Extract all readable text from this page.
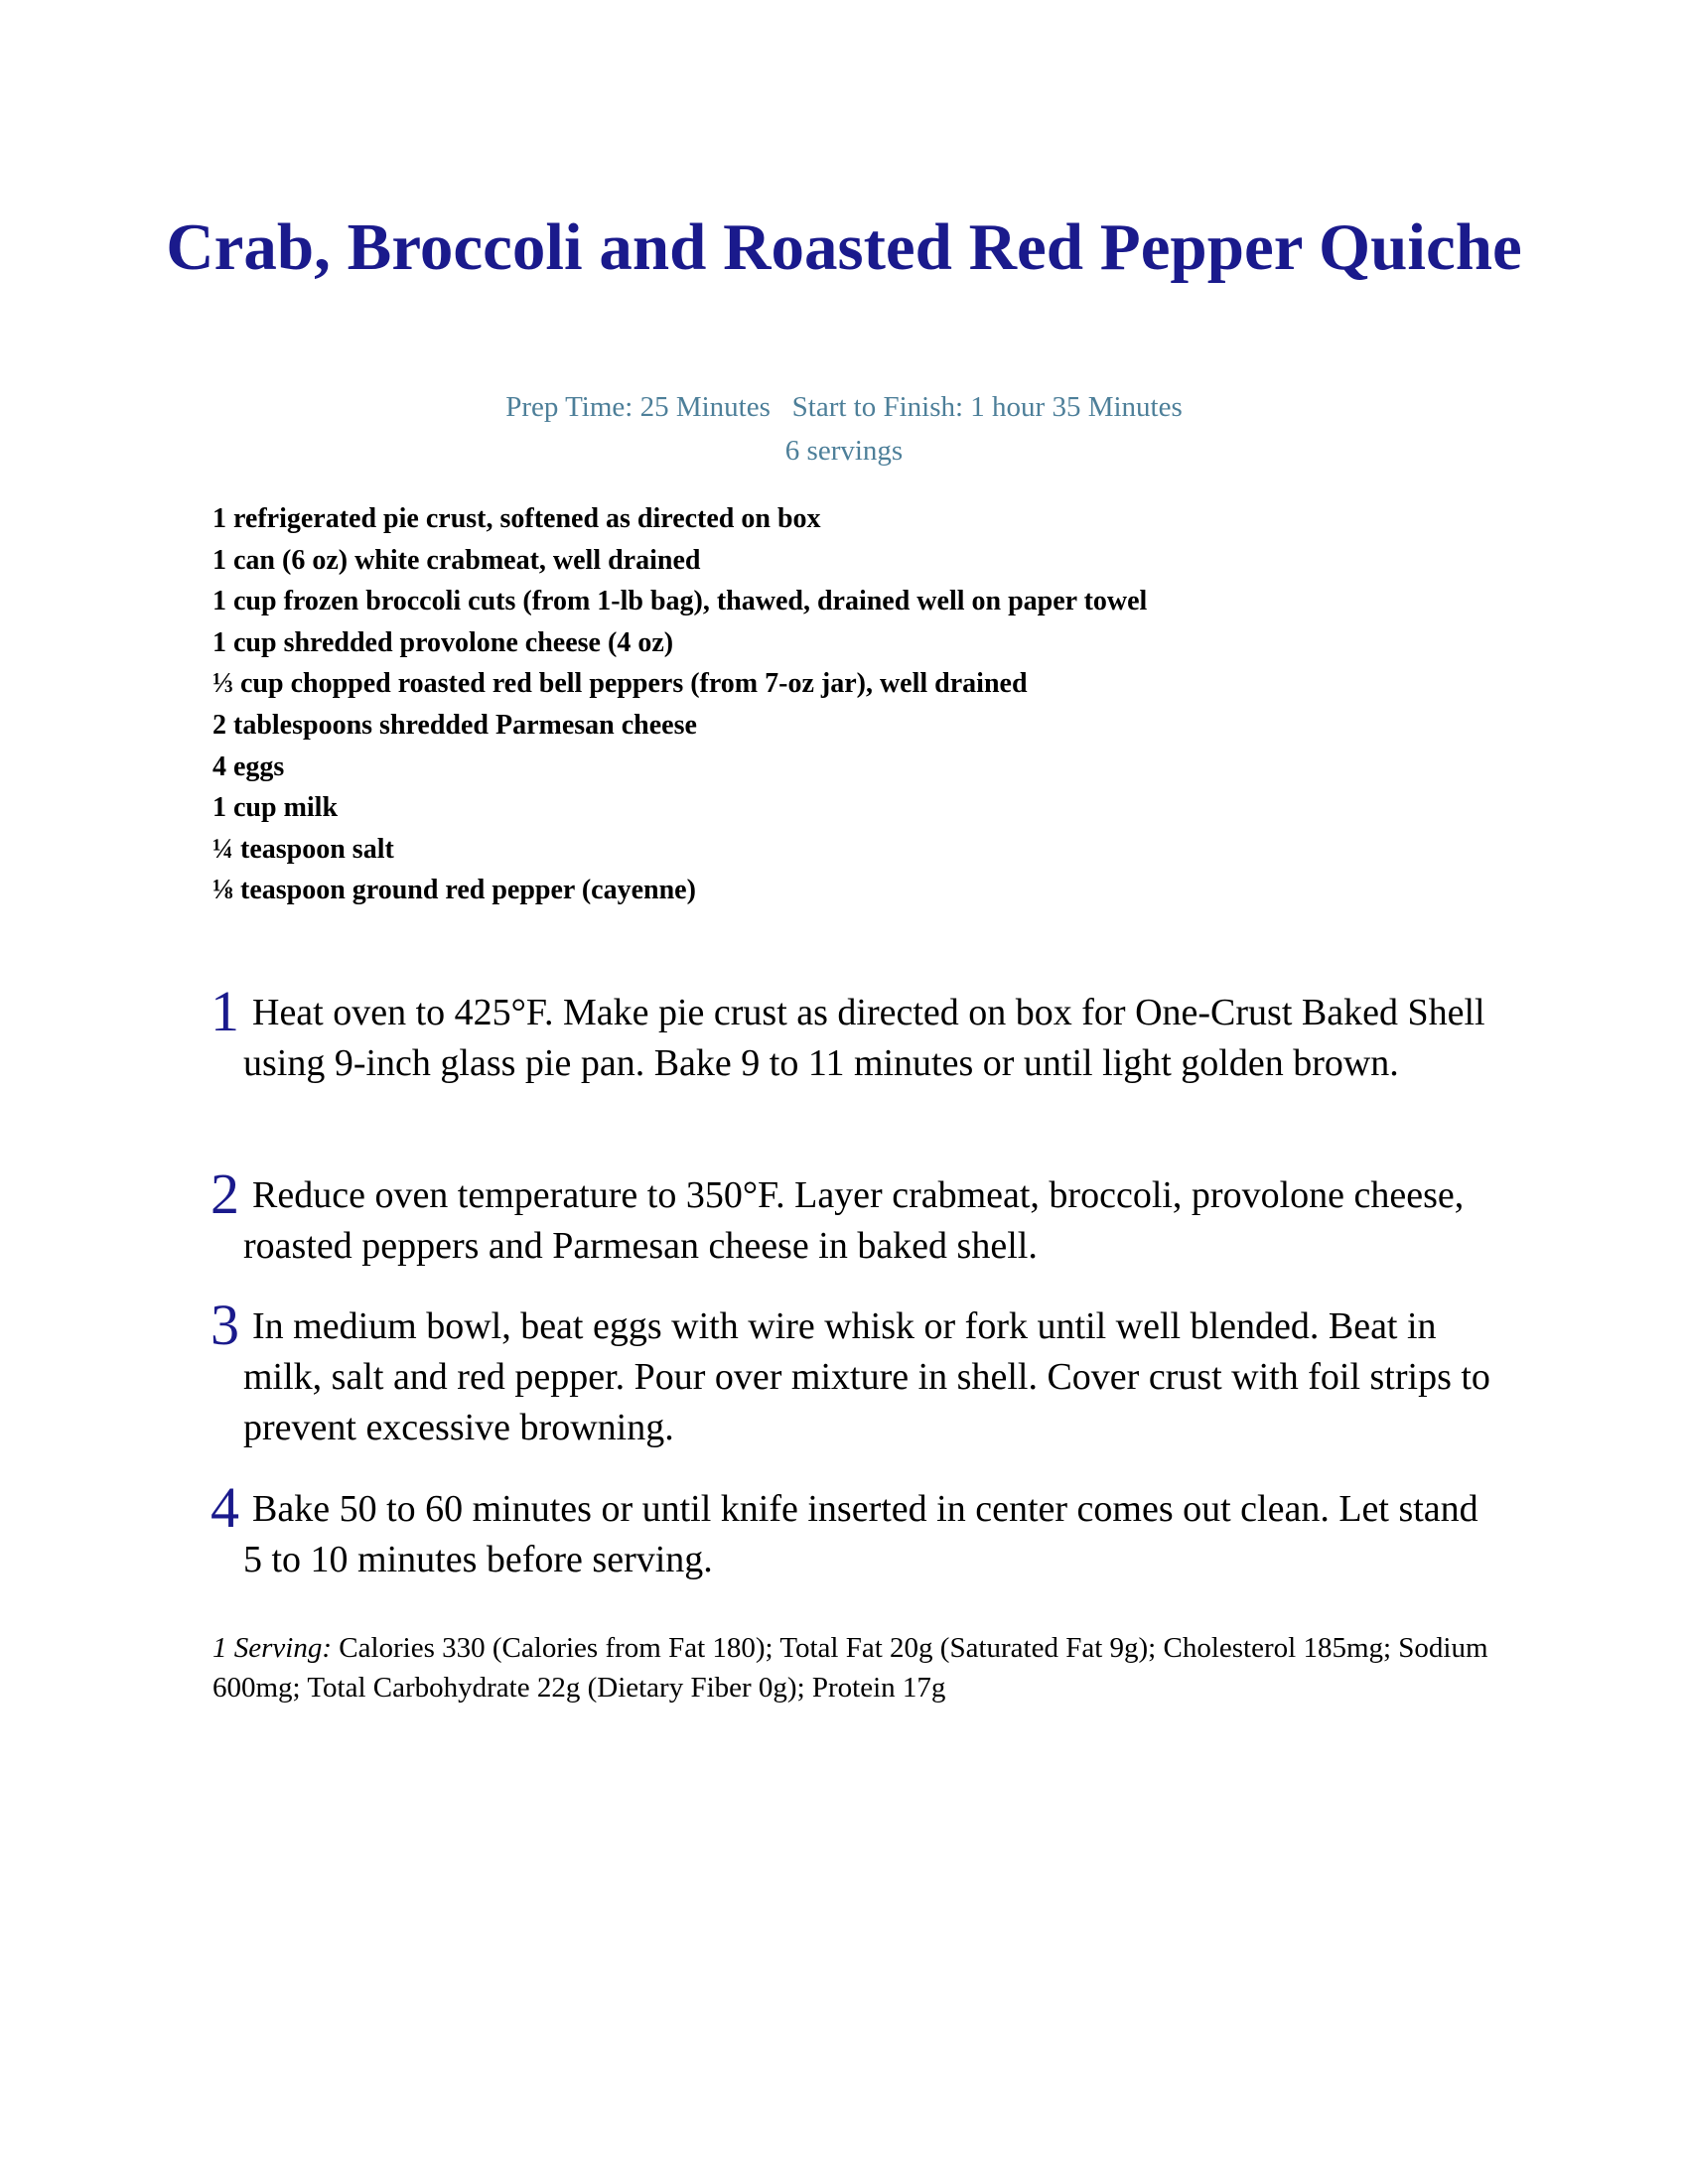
Crab, Broccoli and Roasted Red Pepper Quiche
Prep Time: 25 Minutes Start to Finish: 1 hour 35 Minutes
6 servings
1 refrigerated pie crust, softened as directed on box
1 can (6 oz) white crabmeat, well drained
1 cup frozen broccoli cuts (from 1-lb bag), thawed, drained well on paper towel
1 cup shredded provolone cheese (4 oz)
⅓ cup chopped roasted red bell peppers (from 7-oz jar), well drained
2 tablespoons shredded Parmesan cheese
4 eggs
1 cup milk
¼ teaspoon salt
⅛ teaspoon ground red pepper (cayenne)
1 Heat oven to 425°F. Make pie crust as directed on box for One-Crust Baked Shell using 9-inch glass pie pan. Bake 9 to 11 minutes or until light golden brown.
2 Reduce oven temperature to 350°F. Layer crabmeat, broccoli, provolone cheese, roasted peppers and Parmesan cheese in baked shell.
3 In medium bowl, beat eggs with wire whisk or fork until well blended. Beat in milk, salt and red pepper. Pour over mixture in shell. Cover crust with foil strips to prevent excessive browning.
4 Bake 50 to 60 minutes or until knife inserted in center comes out clean. Let stand 5 to 10 minutes before serving.

1 Serving: Calories 330 (Calories from Fat 180); Total Fat 20g (Saturated Fat 9g); Cholesterol 185mg; Sodium 600mg; Total Carbohydrate 22g (Dietary Fiber 0g); Protein 17g
